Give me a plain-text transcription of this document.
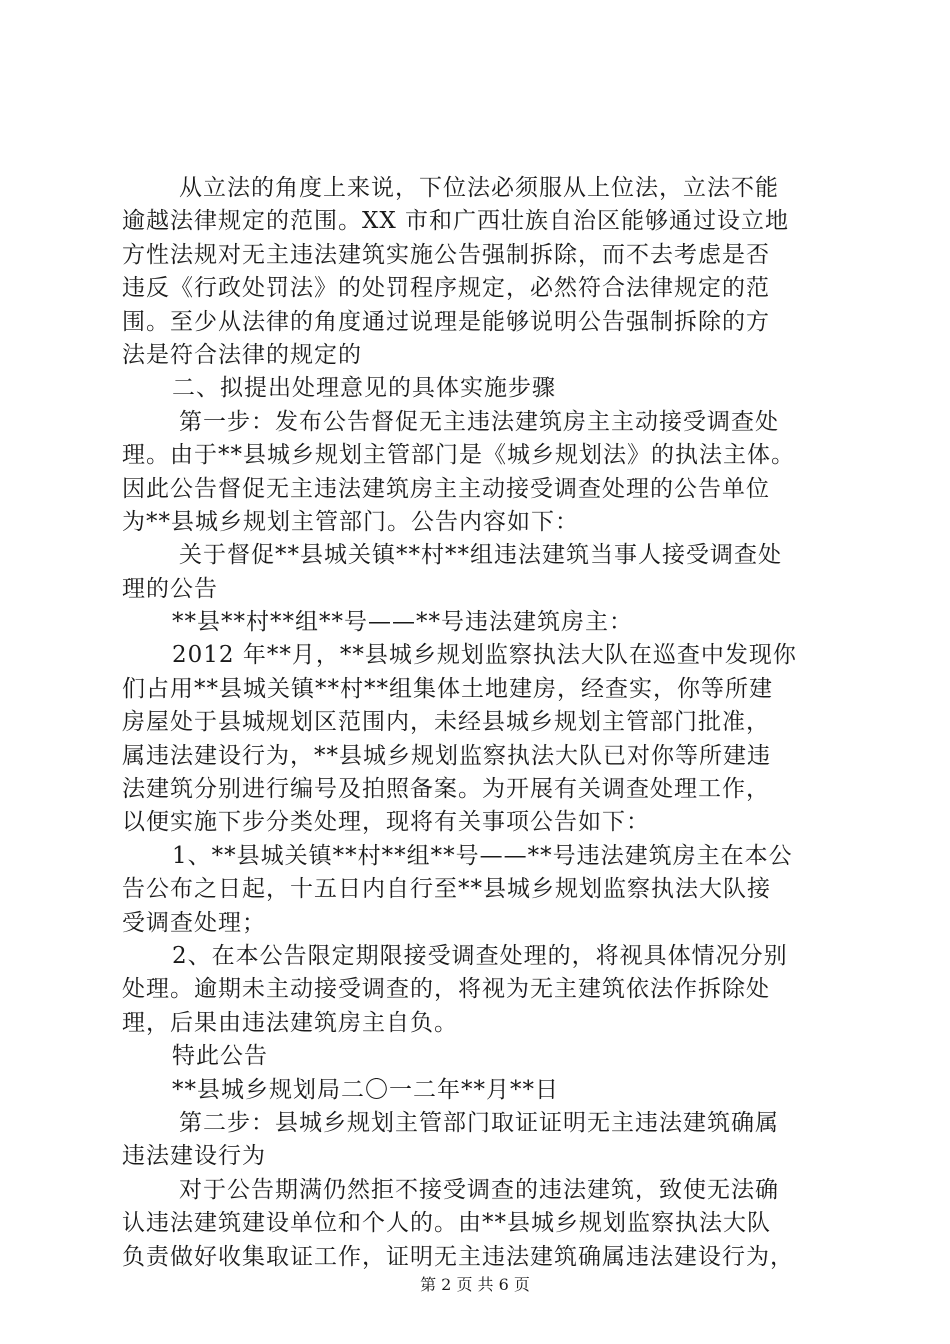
从立法的角度上来说，下位法必须服从上位法，立法不能
逾越法律规定的范围。XX 市和广西壮族自治区能够通过设立地
方性法规对无主违法建筑实施公告强制拆除，而不去考虑是否
违反《行政处罚法》的处罚程序规定，必然符合法律规定的范
围。至少从法律的角度通过说理是能够说明公告强制拆除的方
法是符合法律的规定的
二、拟提出处理意见的具体实施步骤
第一步：发布公告督促无主违法建筑房主主动接受调查处
理。由于**县城乡规划主管部门是《城乡规划法》的执法主体。
因此公告督促无主违法建筑房主主动接受调查处理的公告单位
为**县城乡规划主管部门。公告内容如下：
关于督促**县城关镇**村**组违法建筑当事人接受调查处
理的公告
**县**村**组**号——**号违法建筑房主：
2012 年**月，**县城乡规划监察执法大队在巡查中发现你
们占用**县城关镇**村**组集体土地建房，经查实，你等所建
房屋处于县城规划区范围内，未经县城乡规划主管部门批准，
属违法建设行为，**县城乡规划监察执法大队已对你等所建违
法建筑分别进行编号及拍照备案。为开展有关调查处理工作，
以便实施下步分类处理，现将有关事项公告如下：
1、**县城关镇**村**组**号——**号违法建筑房主在本公
告公布之日起，十五日内自行至**县城乡规划监察执法大队接
受调查处理；
2、在本公告限定期限接受调查处理的，将视具体情况分别
处理。逾期未主动接受调查的，将视为无主建筑依法作拆除处
理，后果由违法建筑房主自负。
特此公告
**县城乡规划局二〇一二年**月**日
第二步：县城乡规划主管部门取证证明无主违法建筑确属
违法建设行为
对于公告期满仍然拒不接受调查的违法建筑，致使无法确
认违法建筑建设单位和个人的。由**县城乡规划监察执法大队
负责做好收集取证工作，证明无主违法建筑确属违法建设行为，
第 2 页 共 6 页
